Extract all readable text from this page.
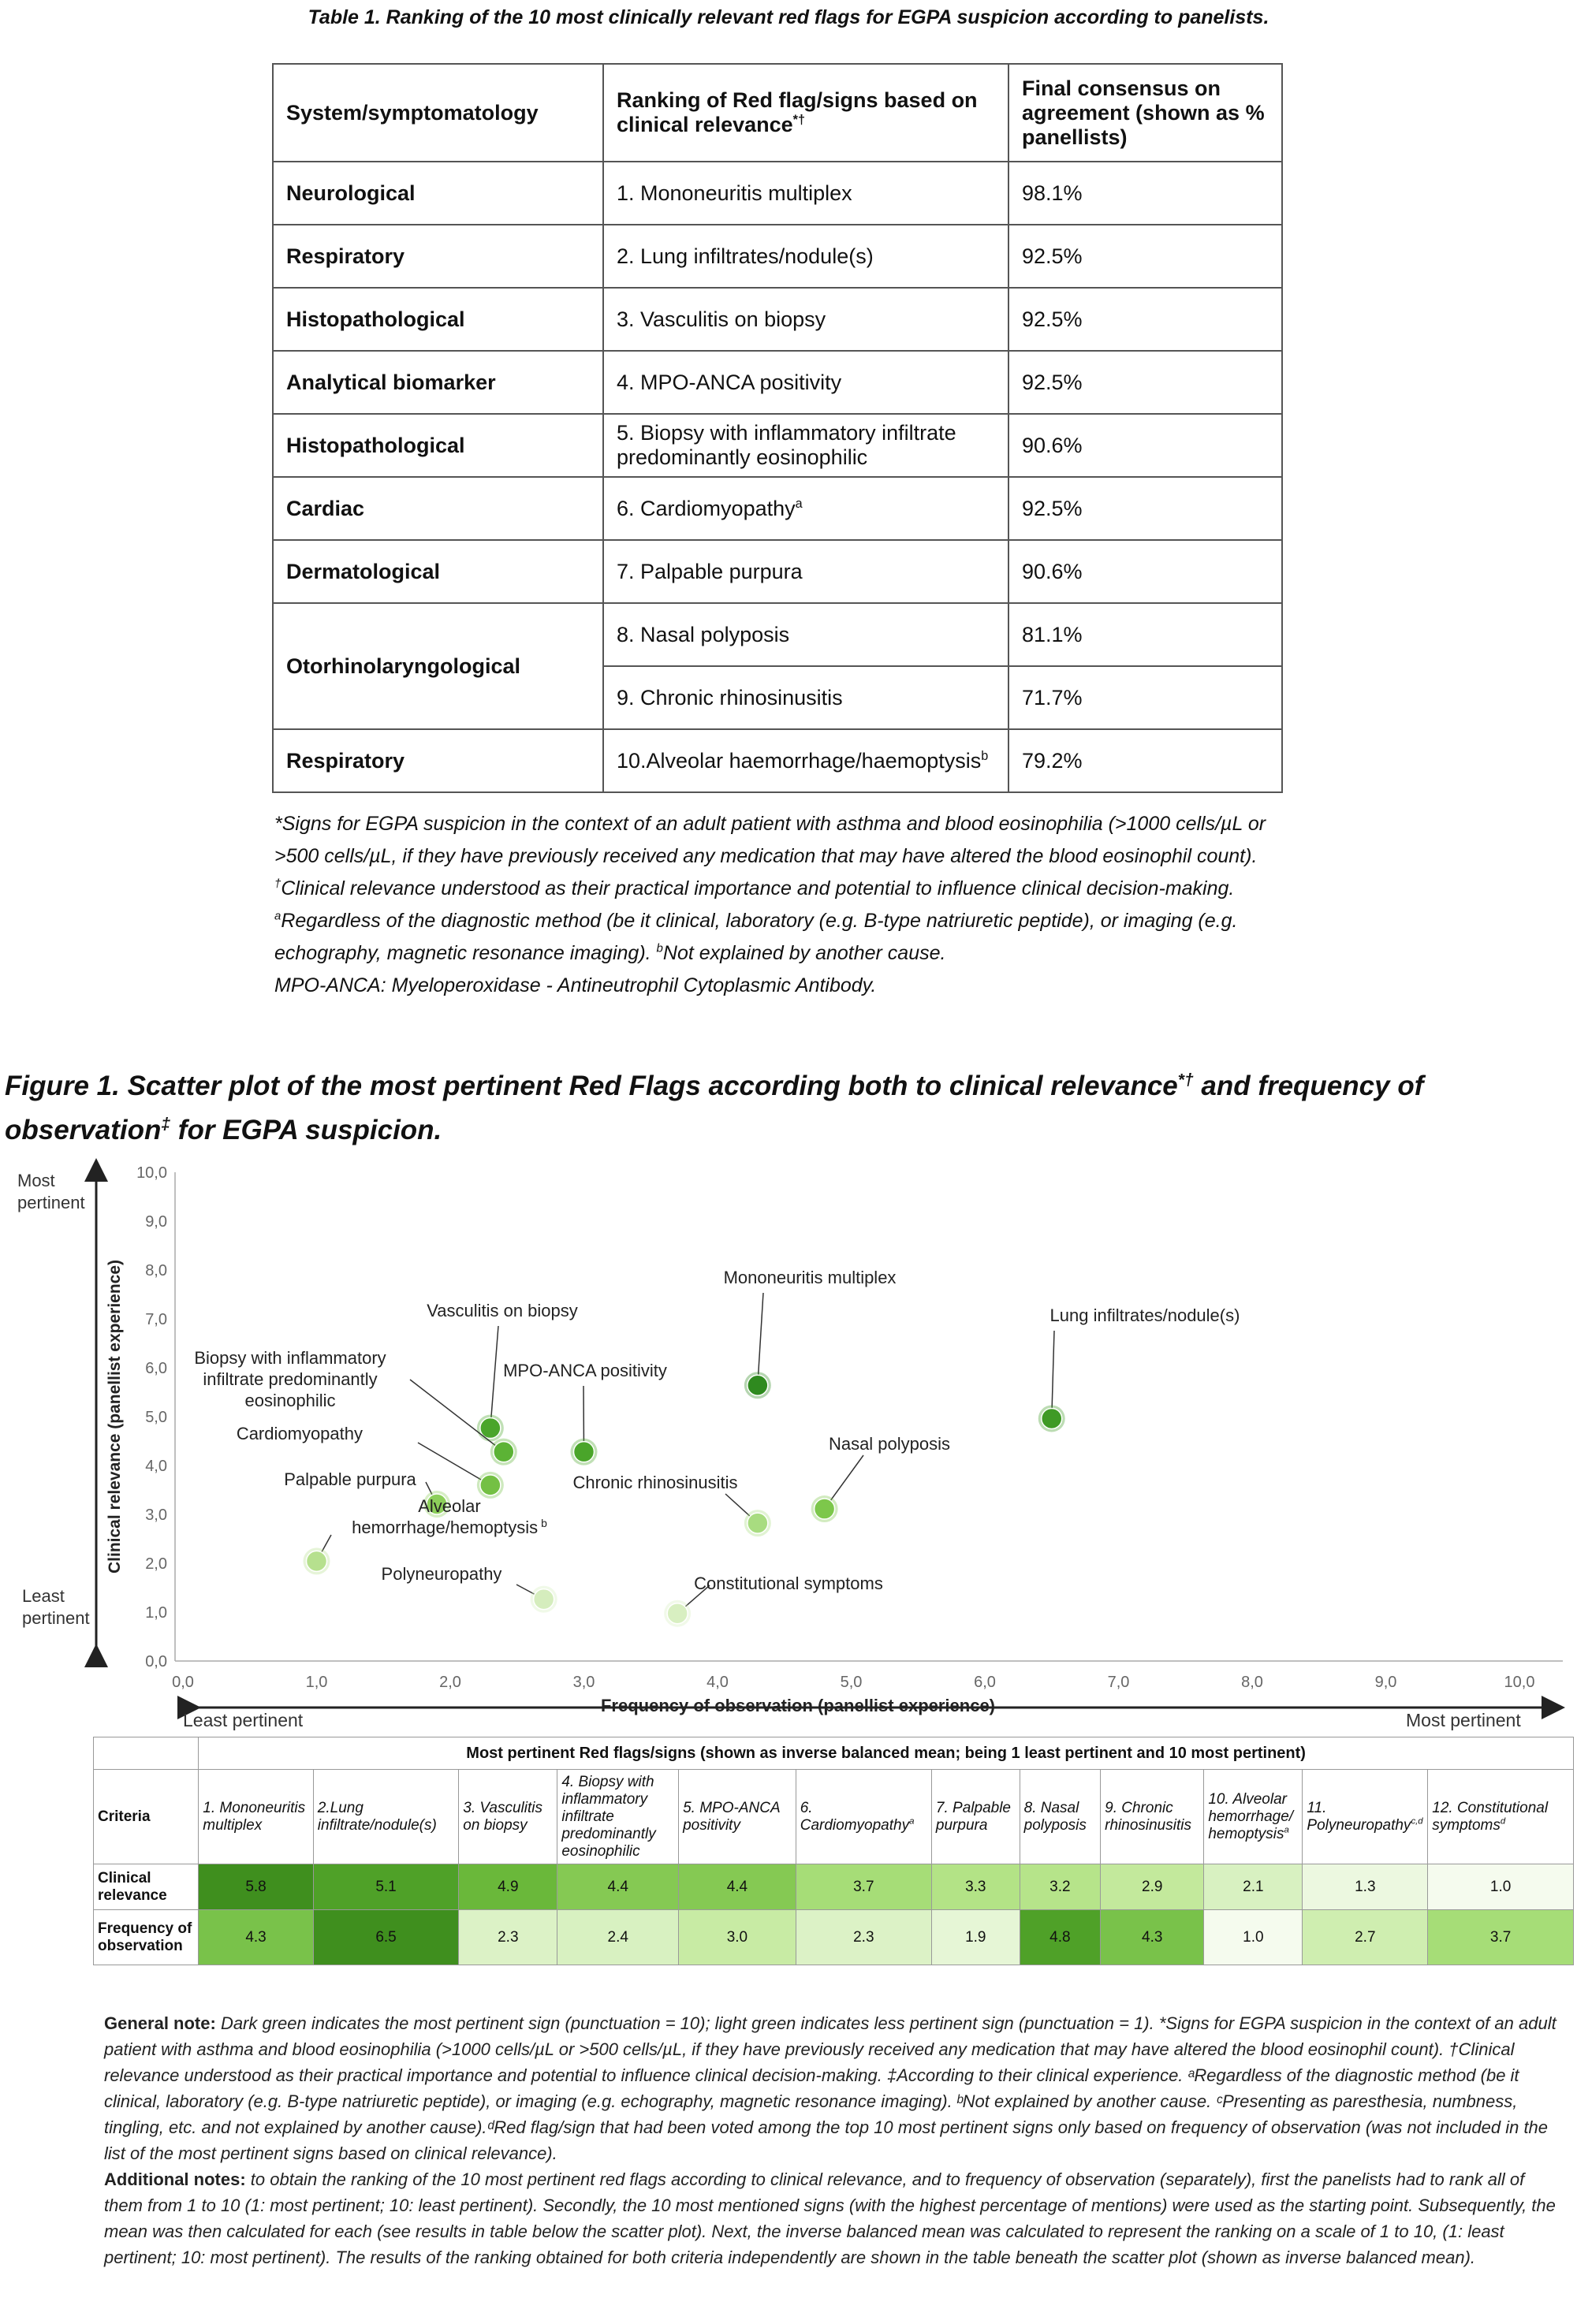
Table 1. Ranking of the 10 most clinically relevant red flags for EGPA suspicion according to panelists.
System/symptomatology	Ranking of Red flag/signs based on clinical relevance*†	Final consensus on agreement (shown as % panellists)
Neurological	1. Mononeuritis multiplex	98.1%
Respiratory	2. Lung infiltrates/nodule(s)	92.5%
Histopathological	3. Vasculitis on biopsy	92.5%
Analytical biomarker	4. MPO-ANCA positivity	92.5%
Histopathological	5. Biopsy with inflammatory infiltrate predominantly eosinophilic	90.6%
Cardiac	6. Cardiomyopathy$^a$	92.5%
Dermatological	7. Palpable purpura	90.6%
Otorhinolaryngological	8. Nasal polyposis	81.1%
	9. Chronic rhinosinusitis	71.7%
Respiratory	10.Alveolar haemorrhage/haemoptysis$^b$	79.2%
*Signs for EGPA suspicion in the context of an adult patient with asthma and blood eosinophilia (>1000 cells/µL or >500 cells/µL, if they have previously received any medication that may have altered the blood eosinophil count). †Clinical relevance understood as their practical importance and potential to influence clinical decision-making. $^a$Regardless of the diagnostic method (be it clinical, laboratory (e.g. B-type natriuretic peptide), or imaging (e.g. echography, magnetic resonance imaging). $^b$Not explained by another cause.
MPO-ANCA: Myeloperoxidase - Antineutrophil Cytoplasmic Antibody.
Figure 1. Scatter plot of the most pertinent Red Flags according both to clinical relevance*† and frequency of observation‡ for EGPA suspicion.
Most
pertinent
Least
pertinent
0,0
1,0
2,0
3,0
4,0
5,0
6,0
7,0
8,0
9,0
10,0
0,0	1,0	2,0	3,0	4,0	5,0	6,0	7,0	8,0	9,0	10,0
Frequency of observation (panellist experience)
Clinical relevance (panellist experience)	Mononeuritis multiplex
Lung infiltrates/nodule(s)
Vasculitis on biopsy
Biopsy with inflammatory infiltrate predominantly eosinophilic
MPO-ANCA positivity
Cardiomyopathy
Nasal polyposis
Palpable purpura	Chronic rhinosinusitis
Alveolar hemorrhage/hemoptysis $^b$
Polyneuropathy	Constitutional symptoms
Least pertinent	Most pertinent
	Most pertinent Red flags/signs (shown as inverse balanced mean; being 1 least pertinent and 10 most pertinent)											
Criteria	1. Mononeuritis multiplex	2.Lung infiltrate/nodule(s)	3. Vasculitis on biopsy	4. Biopsy with inflammatory infiltrate predominantly eosinophilic	5. MPO-ANCA positivity	6. Cardiomyopathy$^a$	7. Palpable purpura	8. Nasal polyposis	9. Chronic rhinosinusitis	10. Alveolar hemorrhage/ hemoptysis$^a$	11. Polyneuropathy$^{c,d}$	12. Constitutional symptoms$^d$
Clinical relevance	5.8	5.1	4.9	4.4	4.4	3.7	3.3	3.2	2.9	2.1	1.3	1.0
Frequency of observation	4.3	6.5	2.3	2.4	3.0	2.3	1.9	4.8	4.3	1.0	2.7	3.7
General note: Dark green indicates the most pertinent sign (punctuation = 10); light green indicates less pertinent sign (punctuation = 1). *Signs for EGPA suspicion in the context of an adult patient with asthma and blood eosinophilia (>1000 cells/µL or >500 cells/µL, if they have previously received any medication that may have altered the blood eosinophil count). †Clinical relevance understood as their practical importance and potential to influence clinical decision-making. ‡According to their clinical experience. ᵃRegardless of the diagnostic method (be it clinical, laboratory (e.g. B-type natriuretic peptide), or imaging (e.g. echography, magnetic resonance imaging). ᵇNot explained by another cause. ᶜPresenting as paresthesia, numbness, tingling, etc. and not explained by another cause).ᵈRed flag/sign that had been voted among the top 10 most pertinent signs only based on frequency of observation (was not included in the list of the most pertinent signs based on clinical relevance).
Additional notes: to obtain the ranking of the 10 most pertinent red flags according to clinical relevance, and to frequency of observation (separately), first the panelists had to rank all of them from 1 to 10 (1: most pertinent; 10: least pertinent). Secondly, the 10 most mentioned signs (with the highest percentage of mentions) were used as the starting point. Subsequently, the mean was then calculated for each (see results in table below the scatter plot). Next, the inverse balanced mean was calculated to represent the ranking on a scale of 1 to 10, (1: least pertinent; 10: most pertinent). The results of the ranking obtained for both criteria independently are shown in the table beneath the scatter plot (shown as inverse balanced mean).
